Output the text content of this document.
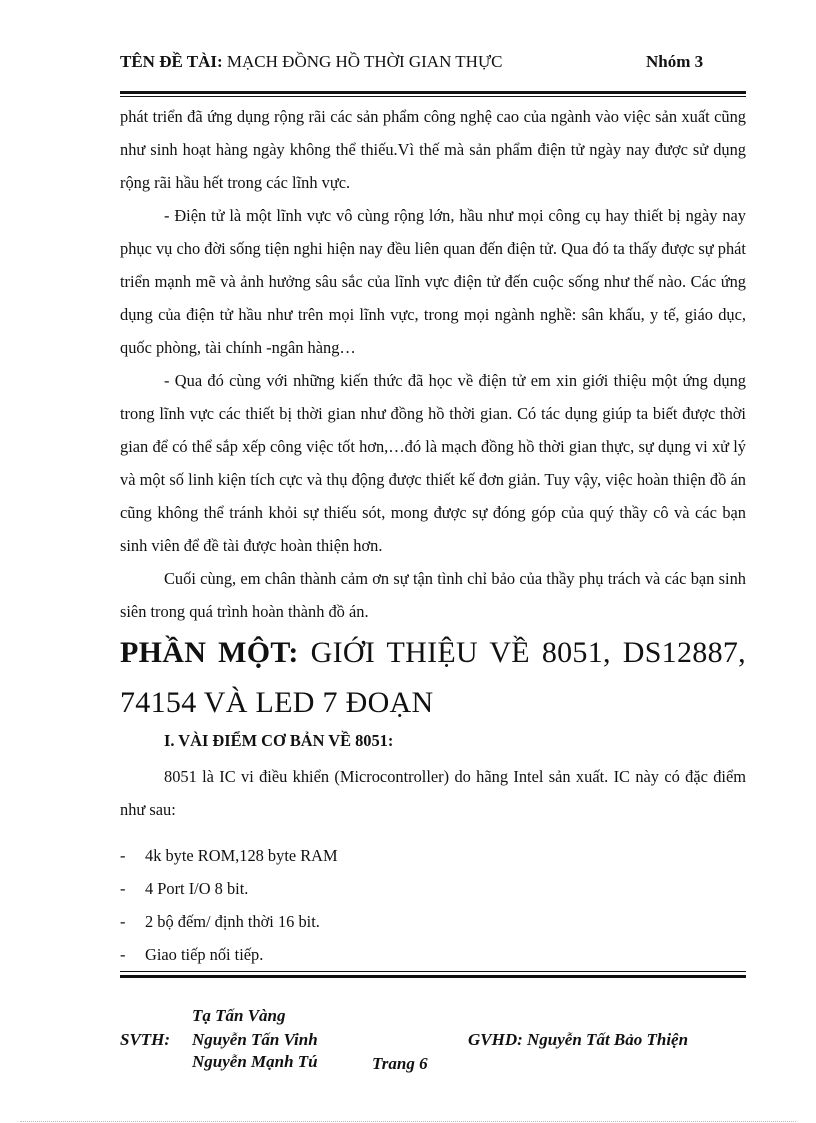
TÊN ĐỀ TÀI: MẠCH ĐỒNG HỒ THỜI GIAN THỰC	Nhóm 3

phát triển đã ứng dụng rộng rãi các sản phẩm công nghệ cao của ngành vào việc sản xuất cũng như sinh hoạt hàng ngày không thể thiếu.Vì thế mà sản phẩm điện tử ngày nay được sử dụng rộng rãi hầu hết trong các lĩnh vực.

- Điện tử là một lĩnh vực vô cùng rộng lớn, hầu như mọi công cụ hay thiết bị ngày nay phục vụ cho đời sống tiện nghi hiện nay đều liên quan đến điện tử. Qua đó ta thấy được sự phát triển mạnh mẽ và ảnh hưởng sâu sắc của lĩnh vực điện tử đến cuộc sống như thế nào. Các ứng dụng của điện tử hầu như trên mọi lĩnh vực, trong mọi ngành nghề: sân khấu, y tế, giáo dục, quốc phòng, tài chính -ngân hàng…

- Qua đó cùng với những kiến thức đã học về điện tử em xin giới thiệu một ứng dụng trong lĩnh vực các thiết bị thời gian như đồng hồ thời gian. Có tác dụng giúp ta biết được thời gian để có thể sắp xếp công việc tốt hơn,…đó là mạch đồng hồ thời gian thực, sự dụng vi xử lý và một số linh kiện tích cực và thụ động được thiết kế đơn giản. Tuy vậy, việc hoàn thiện đồ án cũng không thể tránh khỏi sự thiếu sót, mong được sự đóng góp của quý thầy cô và các bạn sinh viên để đề tài được hoàn thiện hơn.

Cuối cùng, em chân thành cảm ơn sự tận tình chỉ bảo của thầy phụ trách và các bạn sinh siên trong quá trình hoàn thành đồ án.

PHẦN MỘT: GIỚI THIỆU VỀ 8051, DS12887, 74154 VÀ LED 7 ĐOẠN
I. VÀI ĐIỂM CƠ BẢN VỀ 8051:

8051 là IC vi điều khiển (Microcontroller) do hãng Intel sản xuất. IC này có đặc điểm như sau:

- 4k byte ROM,128 byte RAM
- 4 Port I/O 8 bit.
- 2 bộ đếm/ định thời 16 bit.
- Giao tiếp nối tiếp.
Tạ Tấn Vàng
SVTH: Nguyễn Tấn Vinh	GVHD: Nguyễn Tất Bảo Thiện
Nguyễn Mạnh Tú	Trang 6
